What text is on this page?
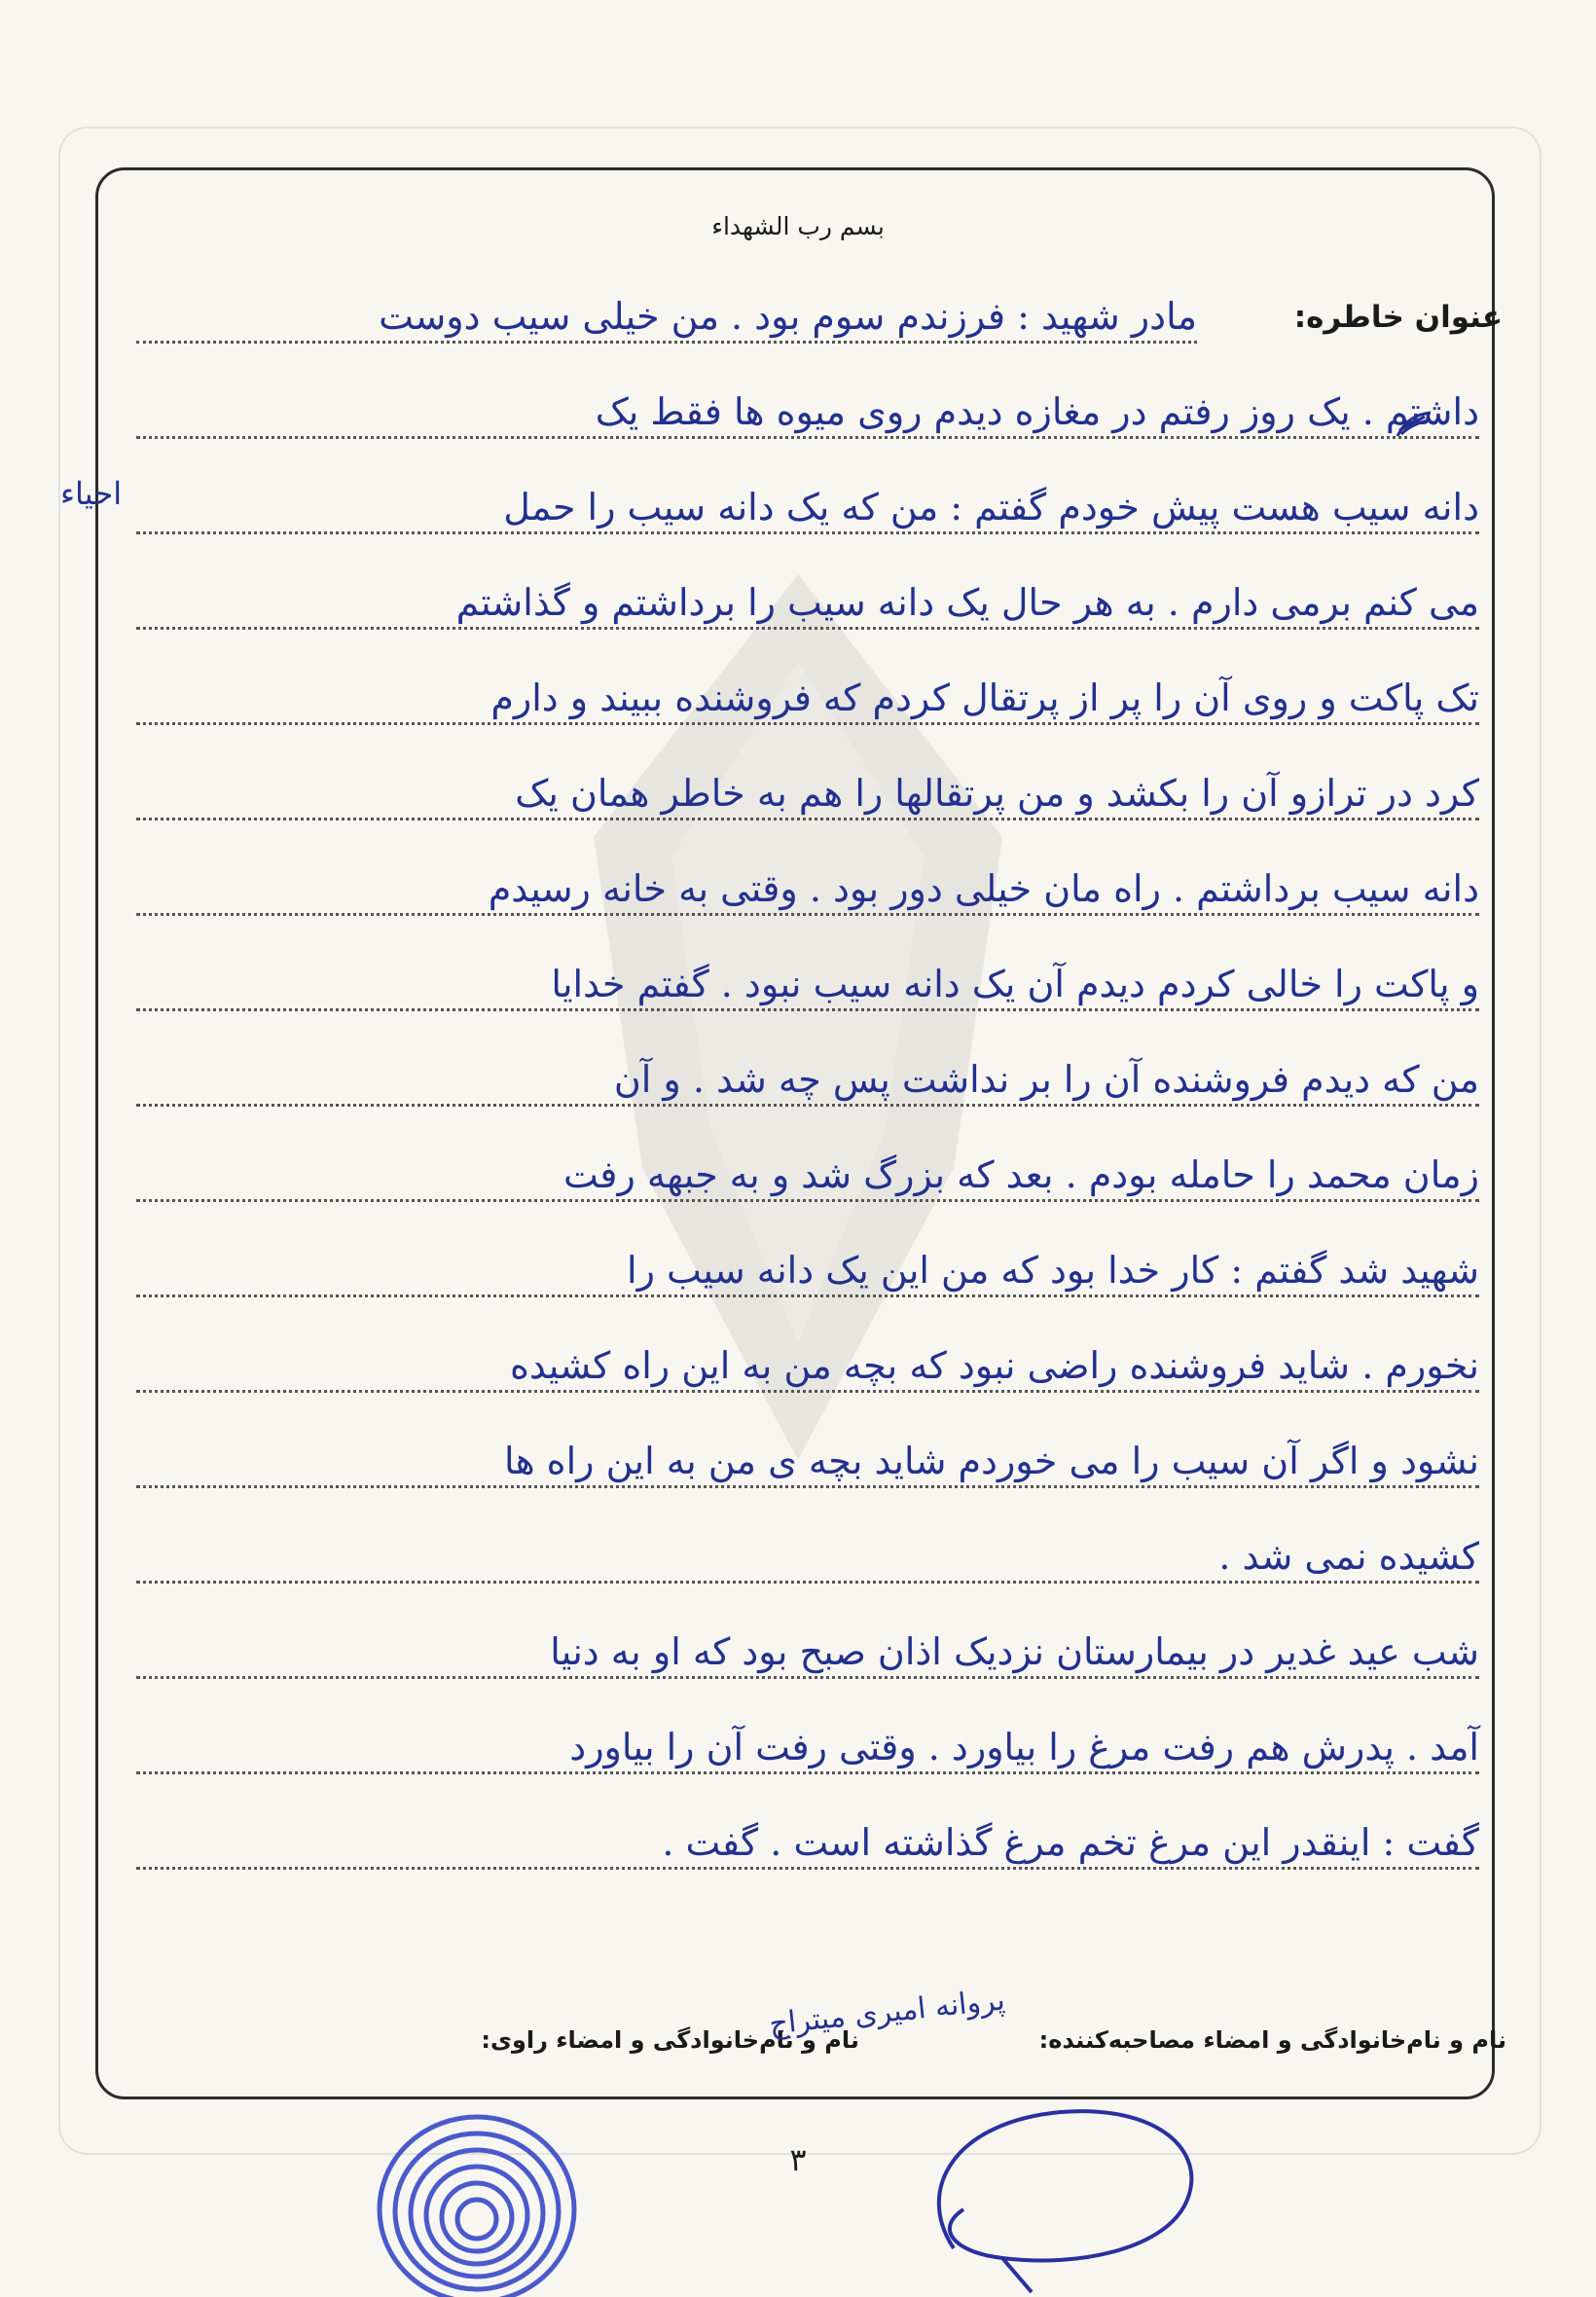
بسم رب الشهداء
عنوان خاطره:
احیاء
مادر شهید : فرزندم سوم بود . من خیلی سیب دوست
داشتم . یک روز رفتم در مغازه دیدم روی میوه ها فقط یک
دانه سیب هست پیش خودم گفتم : من که یک دانه سیب را حمل
می کنم برمی دارم . به هر حال یک دانه سیب را برداشتم و گذاشتم
تک پاکت و روی آن را پر از پرتقال کردم که فروشنده ببیند و دارم
کرد در ترازو آن را بکشد و من پرتقالها را هم به خاطر همان یک
دانه سیب برداشتم . راه مان خیلی دور بود . وقتی به خانه رسیدم
و پاکت را خالی کردم دیدم آن یک دانه سیب نبود . گفتم خدایا
من که دیدم فروشنده آن را بر نداشت پس چه شد . و آن
زمان محمد را حامله بودم . بعد که بزرگ شد و به جبهه رفت
شهید شد گفتم : کار خدا بود که من این یک دانه سیب را
نخورم . شاید فروشنده راضی نبود که بچه من به این راه کشیده
نشود و اگر آن سیب را می خوردم شاید بچه ی من به این راه ها
کشیده نمی شد .
شب عید غدیر در بیمارستان نزدیک اذان صبح بود که او به دنیا
آمد . پدرش هم رفت مرغ را بیاورد . وقتی رفت آن را بیاورد
گفت : اینقدر این مرغ تخم مرغ گذاشته است . گفت .
نام و نام‌خانوادگی و امضاء مصاحبه‌کننده:  نام و نام‌خانوادگی و امضاء راوی:
پروانه امیری میتراج
۳
